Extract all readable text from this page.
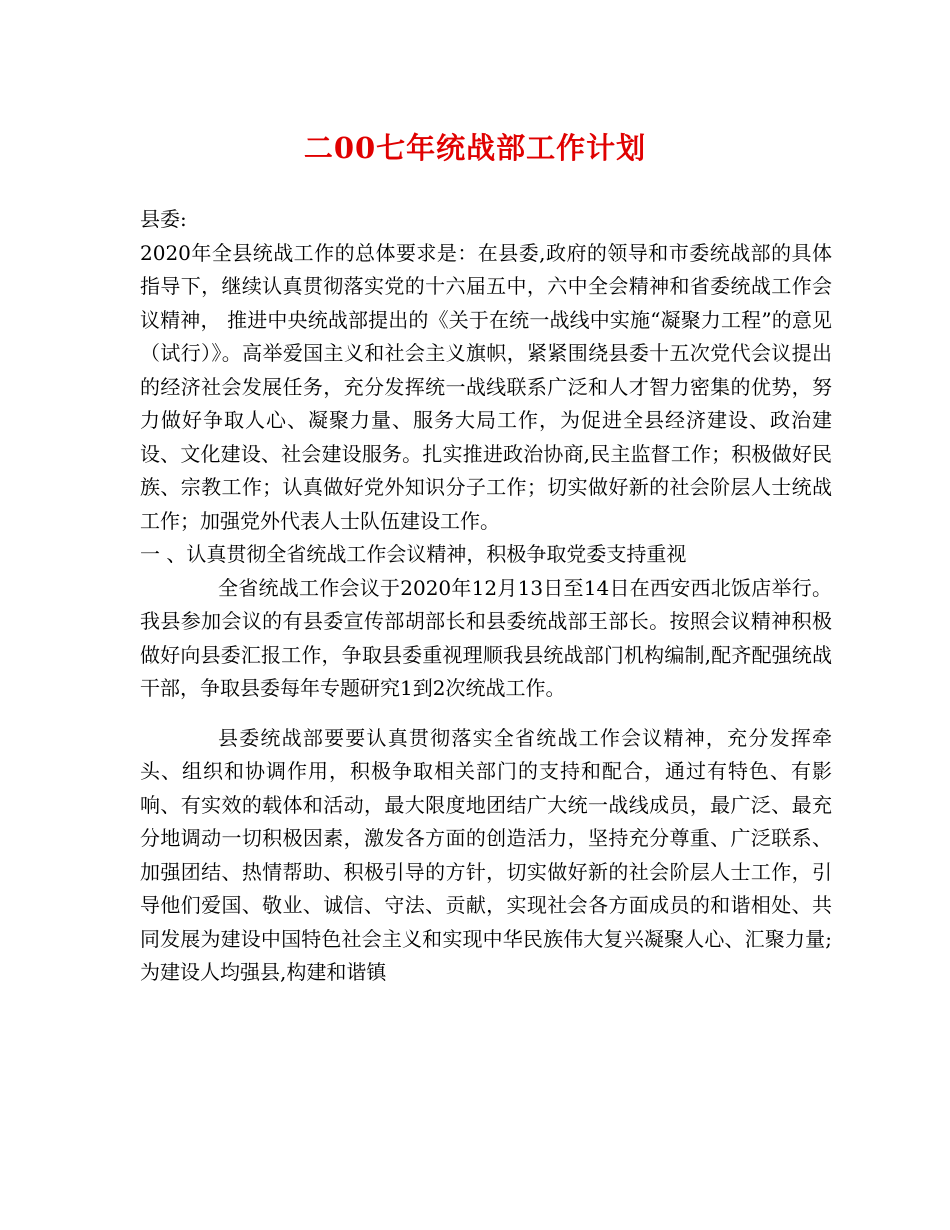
二00七年统战部工作计划

县委:

2020年全县统战工作的总体要求是：在县委,政府的领导和市委统战部的具体指导下，继续认真贯彻落实党的十六届五中，六中全会精神和省委统战工作会议精神， 推进中央统战部提出的《关于在统一战线中实施“凝聚力工程”的意见（试行）》。高举爱国主义和社会主义旗帜，紧紧围绕县委十五次党代会议提出的经济社会发展任务，充分发挥统一战线联系广泛和人才智力密集的优势，努力做好争取人心、凝聚力量、服务大局工作，为促进全县经济建设、政治建设、文化建设、社会建设服务。扎实推进政治协商,民主监督工作；积极做好民族、宗教工作；认真做好党外知识分子工作；切实做好新的社会阶层人士统战工作；加强党外代表人士队伍建设工作。

一 、认真贯彻全省统战工作会议精神，积极争取党委支持重视

全省统战工作会议于2020年12月13日至14日在西安西北饭店举行。我县参加会议的有县委宣传部胡部长和县委统战部王部长。按照会议精神积极做好向县委汇报工作，争取县委重视理顺我县统战部门机构编制,配齐配强统战干部，争取县委每年专题研究1到2次统战工作。

县委统战部要要认真贯彻落实全省统战工作会议精神，充分发挥牵头、组织和协调作用，积极争取相关部门的支持和配合，通过有特色、有影响、有实效的载体和活动，最大限度地团结广大统一战线成员，最广泛、最充分地调动一切积极因素，激发各方面的创造活力，坚持充分尊重、广泛联系、加强团结、热情帮助、积极引导的方针，切实做好新的社会阶层人士工作，引导他们爱国、敬业、诚信、守法、贡献，实现社会各方面成员的和谐相处、共同发展为建设中国特色社会主义和实现中华民族伟大复兴凝聚人心、汇聚力量;为建设人均强县,构建和谐镇
